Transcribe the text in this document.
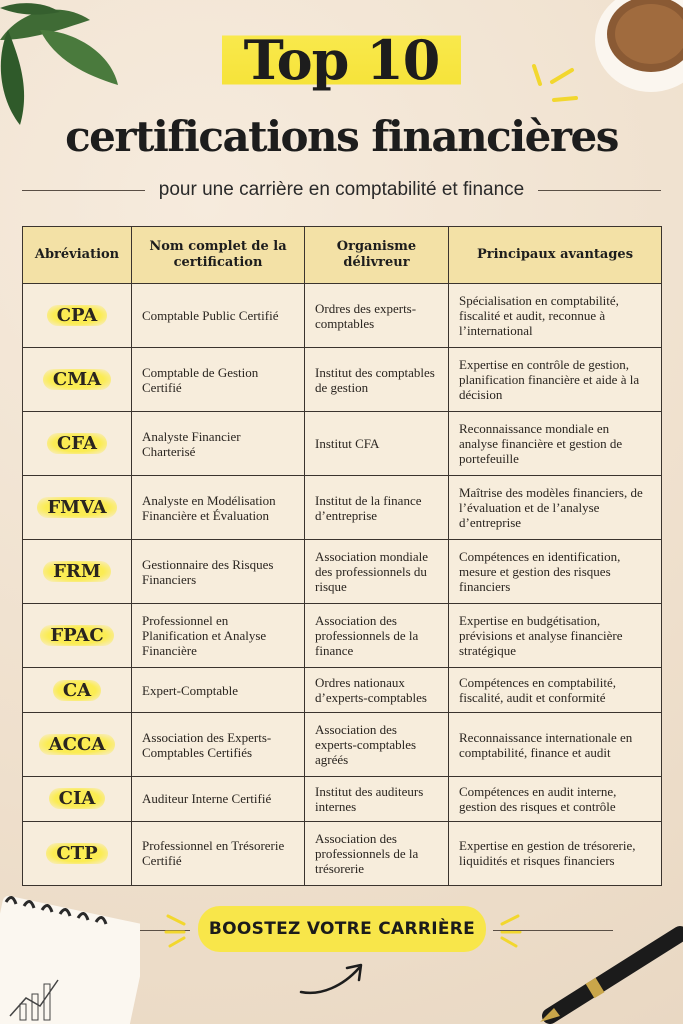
Top 10
certifications financières
pour une carrière en comptabilité et finance
Abréviation	Nom complet de la certification	Organisme délivreur	Principaux avantages
CPA	Comptable Public Certifié	Ordres des experts-comptables	Spécialisation en comptabilité, fiscalité et audit, reconnue à l’international
CMA	Comptable de Gestion Certifié	Institut des comptables de gestion	Expertise en contrôle de gestion, planification financière et aide à la décision
CFA	Analyste Financier Charterisé	Institut CFA	Reconnaissance mondiale en analyse financière et gestion de portefeuille
FMVA	Analyste en Modélisation Financière et Évaluation	Institut de la finance d’entreprise	Maîtrise des modèles financiers, de l’évaluation et de l’analyse d’entreprise
FRM	Gestionnaire des Risques Financiers	Association mondiale des professionnels du risque	Compétences en identification, mesure et gestion des risques financiers
FPAC	Professionnel en Planification et Analyse Financière	Association des professionnels de la finance	Expertise en budgétisation, prévisions et analyse financière stratégique
CA	Expert-Comptable	Ordres nationaux d’experts-comptables	Compétences en comptabilité, fiscalité, audit et conformité
ACCA	Association des Experts-Comptables Certifiés	Association des experts-comptables agréés	Reconnaissance internationale en comptabilité, finance et audit
CIA	Auditeur Interne Certifié	Institut des auditeurs internes	Compétences en audit interne, gestion des risques et contrôle
CTP	Professionnel en Trésorerie Certifié	Association des professionnels de la trésorerie	Expertise en gestion de trésorerie, liquidités et risques financiers
BOOSTEZ VOTRE CARRIÈRE
